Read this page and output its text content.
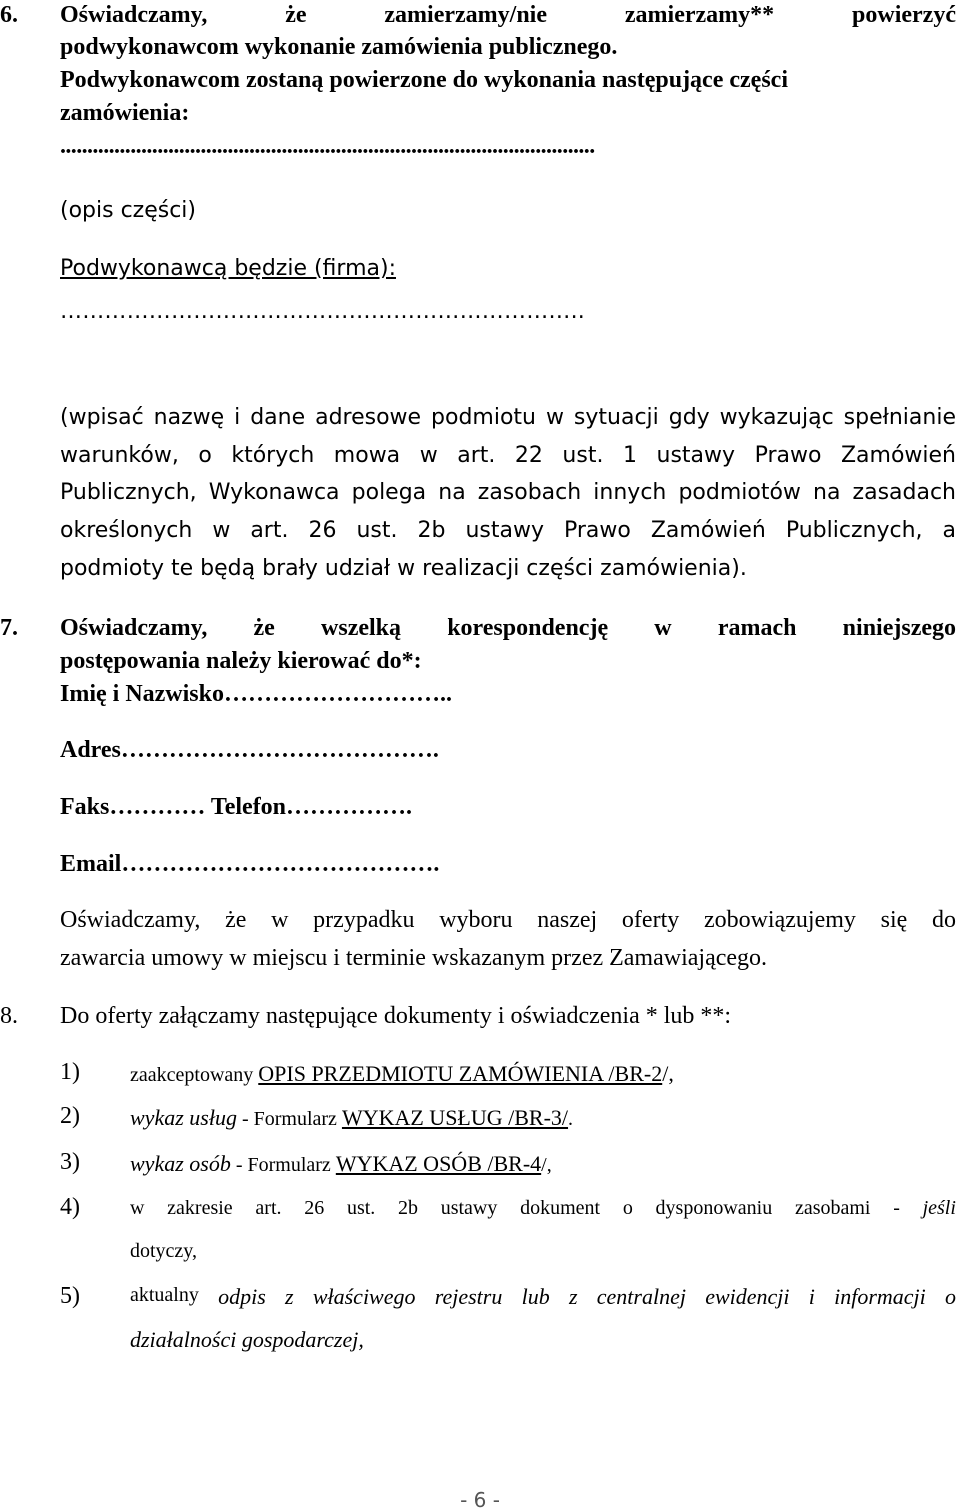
6. Oświadczamy,	że	zamierzamy/nie	zamierzamy**	powierzyć
podwykonawcom wykonanie zamówienia publicznego.
Podwykonawcom zostaną powierzone do wykonania następujące części
zamówienia:
...................................................................................................
(opis części)
Podwykonawcą będzie (firma):
……………………………………………………………..
(wpisać nazwę i dane adresowe podmiotu w sytuacji gdy wykazując spełnianie
warunków, o których mowa w art. 22 ust. 1 ustawy Prawo Zamówień
Publicznych, Wykonawca polega na zasobach innych podmiotów na zasadach
określonych w art. 26 ust. 2b ustawy Prawo Zamówień Publicznych, a
podmioty te będą brały udział w realizacji części zamówienia).
7. Oświadczamy, że wszelką korespondencję w ramach niniejszego
postępowania należy kierować do*:
Imię i Nazwisko………………………..
Adres………………………………….
Faks………… Telefon…………….
Email………………………………….
Oświadczamy, że w przypadku wyboru naszej oferty zobowiązujemy się do
zawarcia umowy w miejscu i terminie wskazanym przez Zamawiającego.
8. Do oferty załączamy następujące dokumenty i oświadczenia * lub **:
1)	zaakceptowany OPIS PRZEDMIOTU ZAMÓWIENIA /BR-2/,
2) wykaz usług - Formularz WYKAZ USŁUG /BR-3/.
3) wykaz osób - Formularz WYKAZ OSÓB /BR-4/,
4)	w zakresie art. 26 ust. 2b ustawy dokument o dysponowaniu zasobami - jeśli
dotyczy,
5)	aktualny odpis z właściwego rejestru lub z centralnej ewidencji i informacji o
działalności gospodarczej,
- 6 -
